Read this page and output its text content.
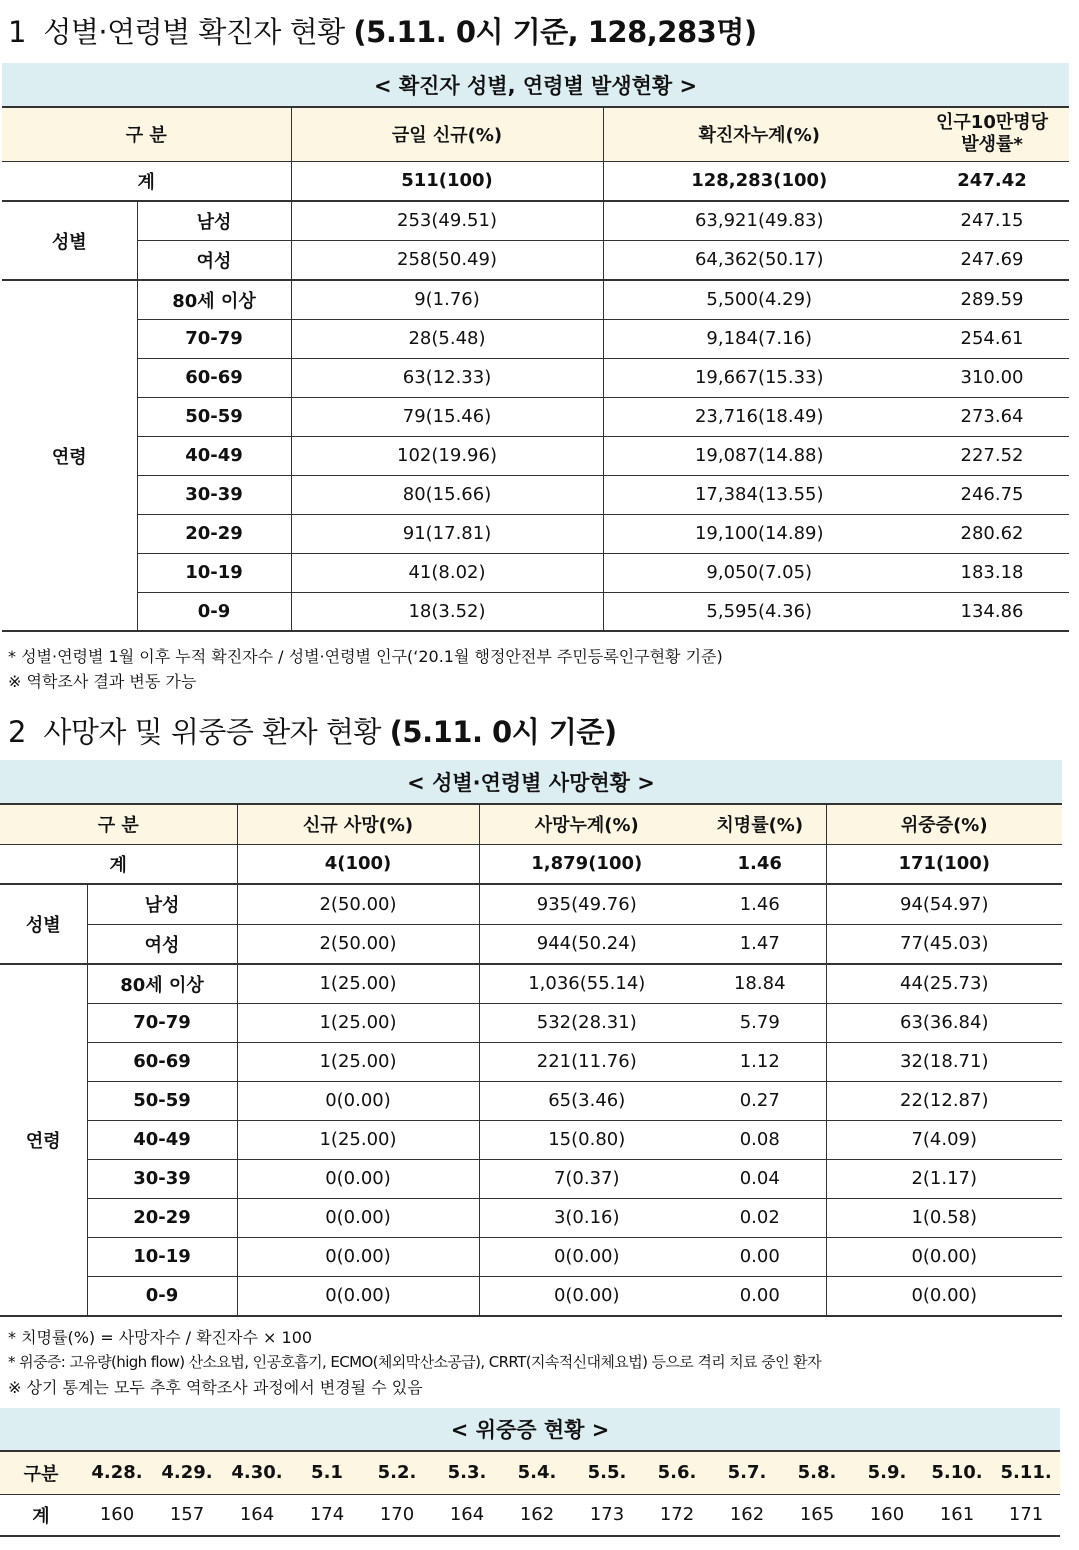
1 성별·연령별 확진자 현황 (5.11. 0시 기준, 128,283명)
< 확진자 성별, 연령별 발생현황 >				
구 분		금일 신규(%)	확진자누계(%)	인구10만명당
발생률*

계		511(100)	128,283(100)	247.42
성별	남성	253(49.51)	63,921(49.83)	247.15
	여성	258(50.49)	64,362(50.17)	247.69
연령	80세 이상	9(1.76)	5,500(4.29)	289.59
	70-79	28(5.48)	9,184(7.16)	254.61
	60-69	63(12.33)	19,667(15.33)	310.00
	50-59	79(15.46)	23,716(18.49)	273.64
	40-49	102(19.96)	19,087(14.88)	227.52
	30-39	80(15.66)	17,384(13.55)	246.75
	20-29	91(17.81)	19,100(14.89)	280.62
	10-19	41(8.02)	9,050(7.05)	183.18
	0-9	18(3.52)	5,595(4.36)	134.86
* 성별·연령별 1월 이후 누적 확진자수 / 성별·연령별 인구(‘20.1월 행정안전부 주민등록인구현황 기준)
※ 역학조사 결과 변동 가능
2 사망자 및 위중증 환자 현황 (5.11. 0시 기준)
< 성별·연령별 사망현황 >					
구 분		신규 사망(%)	사망누계(%)	치명률(%)	위중증(%)
계		4(100)	1,879(100)	1.46	171(100)
성별	남성	2(50.00)	935(49.76)	1.46	94(54.97)
	여성	2(50.00)	944(50.24)	1.47	77(45.03)
연령	80세 이상	1(25.00)	1,036(55.14)	18.84	44(25.73)
	70-79	1(25.00)	532(28.31)	5.79	63(36.84)
	60-69	1(25.00)	221(11.76)	1.12	32(18.71)
	50-59	0(0.00)	65(3.46)	0.27	22(12.87)
	40-49	1(25.00)	15(0.80)	0.08	7(4.09)
	30-39	0(0.00)	7(0.37)	0.04	2(1.17)
	20-29	0(0.00)	3(0.16)	0.02	1(0.58)
	10-19	0(0.00)	0(0.00)	0.00	0(0.00)
	0-9	0(0.00)	0(0.00)	0.00	0(0.00)
* 치명률(%) = 사망자수 / 확진자수 × 100
* 위중증: 고유량(high flow) 산소요법, 인공호흡기, ECMO(체외막산소공급), CRRT(지속적신대체요법) 등으로 격리 치료 중인 환자
※ 상기 통계는 모두 추후 역학조사 과정에서 변경될 수 있음
< 위중증 현황 >														
구분	4.28.	4.29.	4.30.	5.1	5.2.	5.3.	5.4.	5.5.	5.6.	5.7.	5.8.	5.9.	5.10.	5.11.
계	160	157	164	174	170	164	162	173	172	162	165	160	161	171
